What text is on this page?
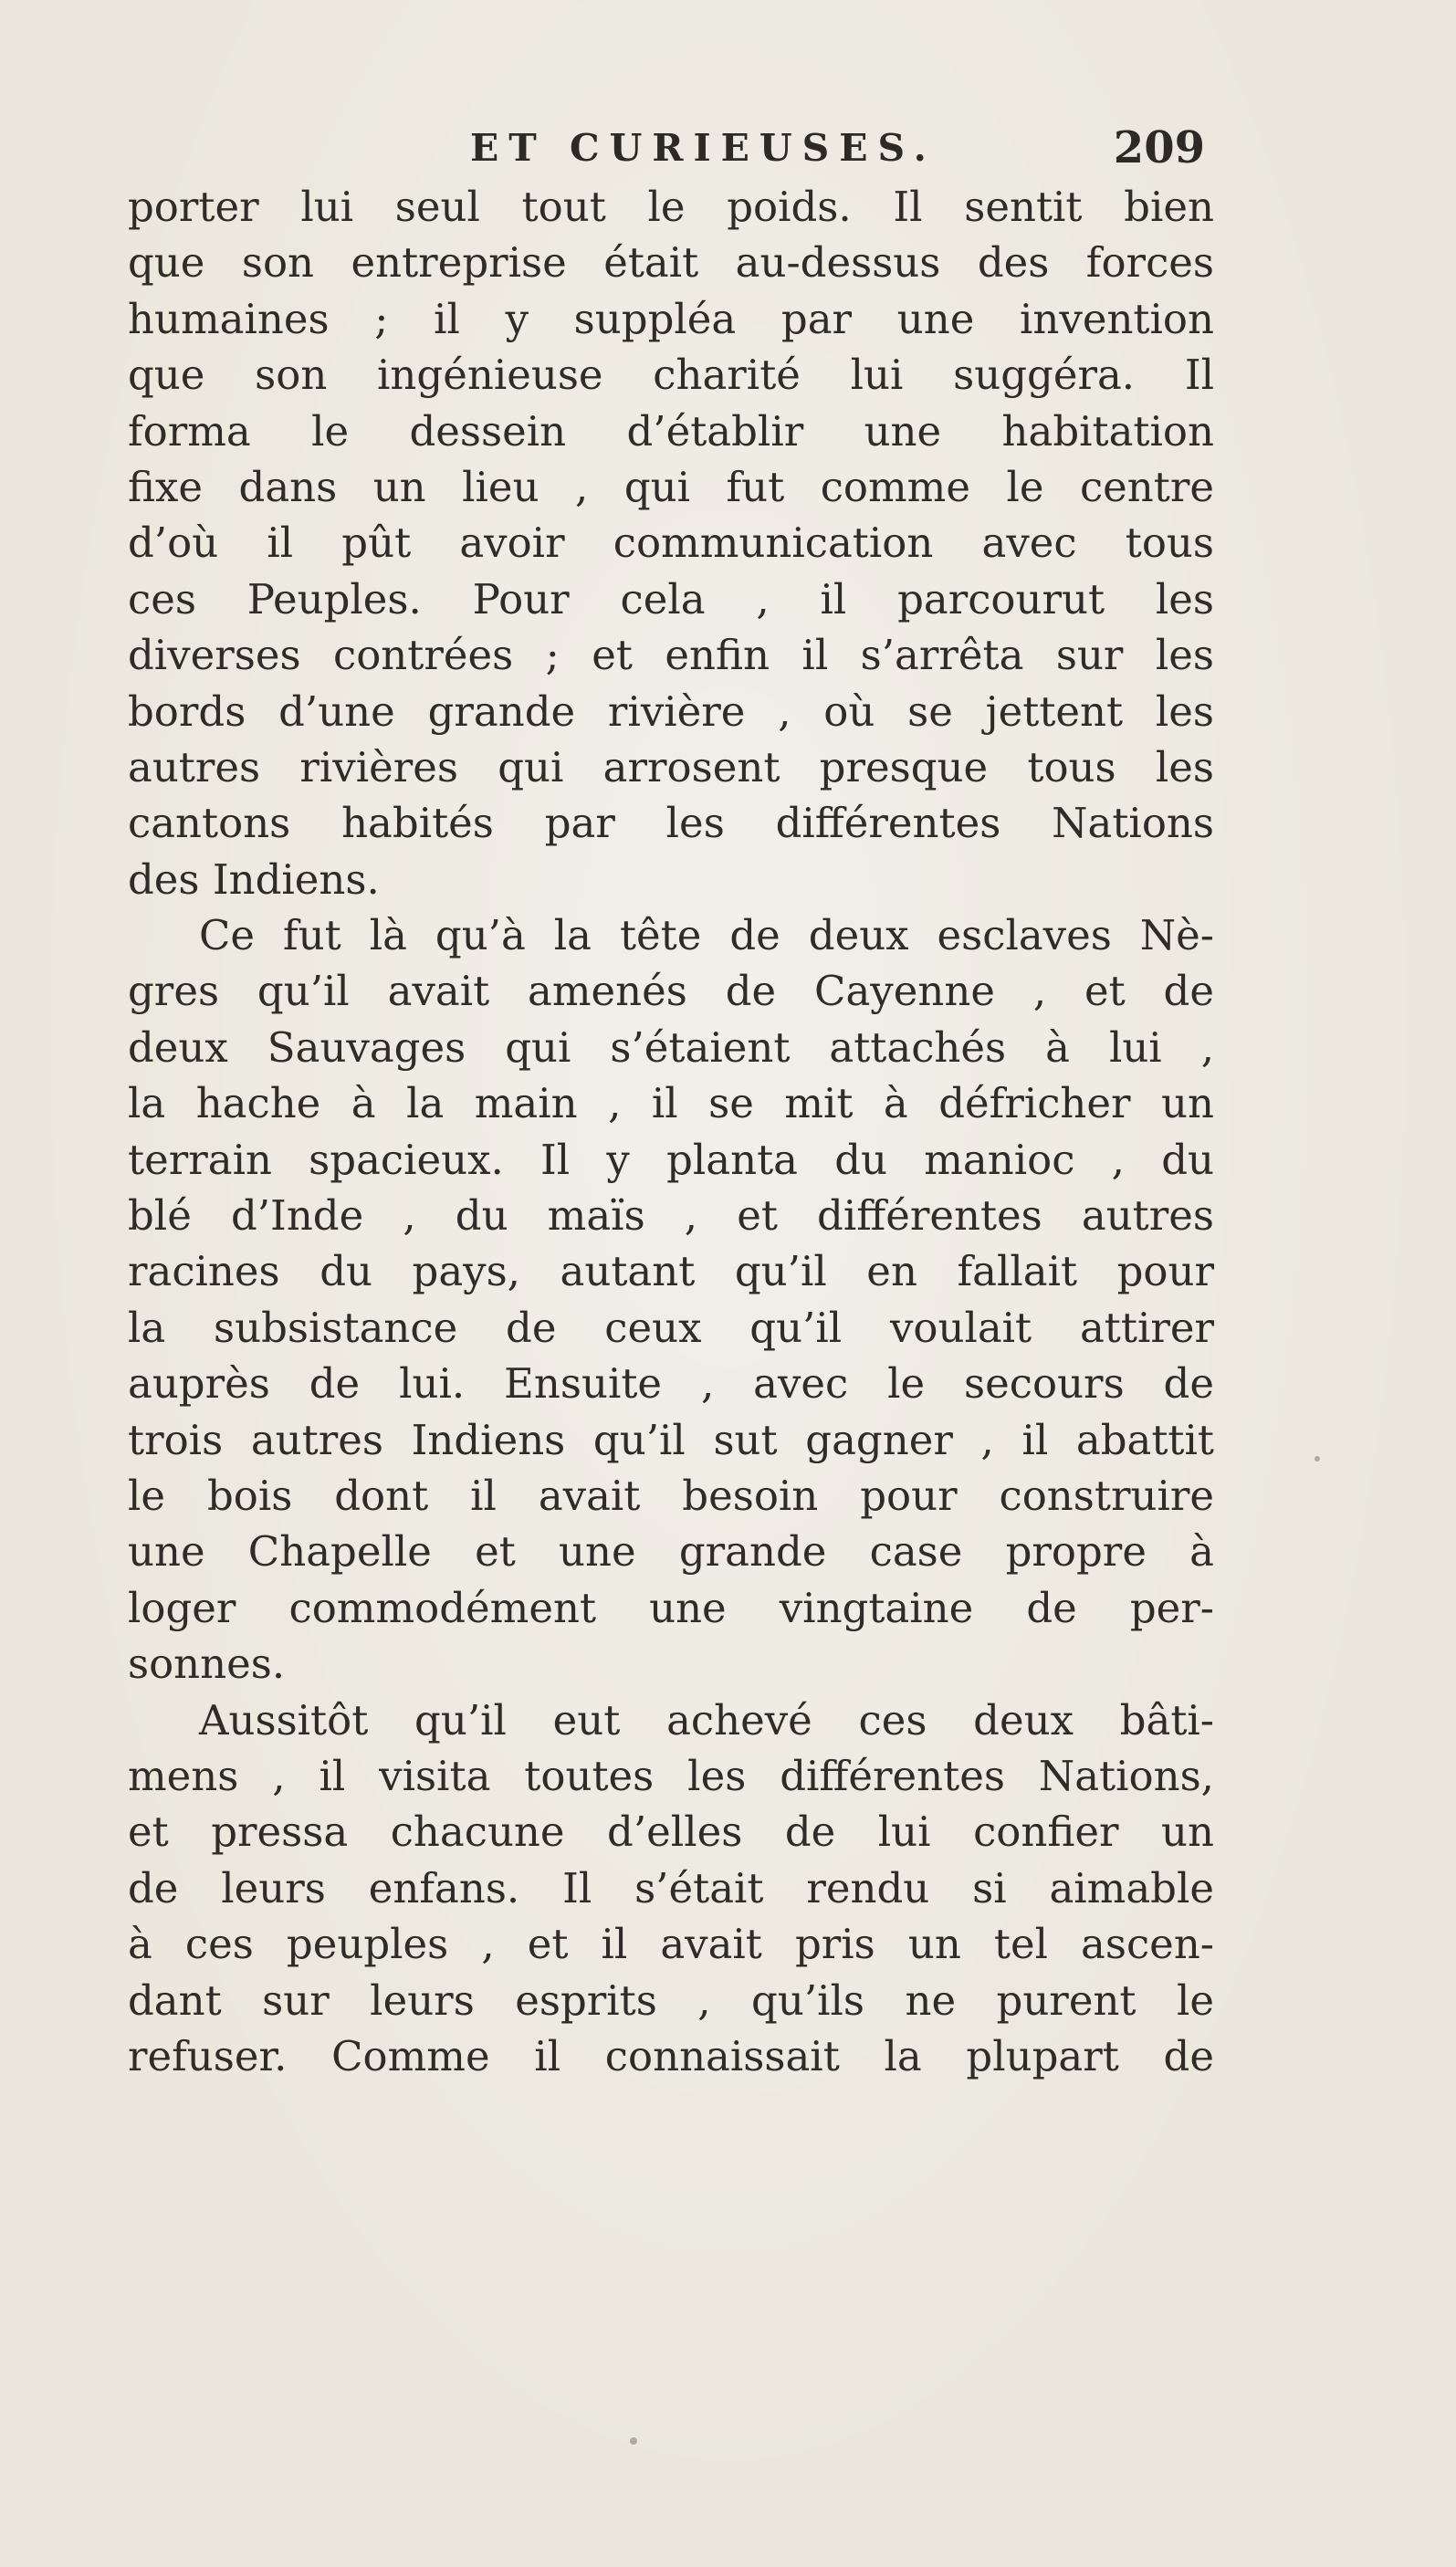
ET CURIEUSES.	209
porter lui seul tout le poids. Il sentit bien
que son entreprise était au-dessus des forces
humaines ; il y suppléa par une invention
que son ingénieuse charité lui suggéra. Il
forma le dessein d’établir une habitation
fixe dans un lieu , qui fut comme le centre
d’où il pût avoir communication avec tous
ces Peuples. Pour cela , il parcourut les
diverses contrées ; et enfin il s’arrêta sur les
bords d’une grande rivière , où se jettent les
autres rivières qui arrosent presque tous les
cantons habités par les différentes Nations
des Indiens.
Ce fut là qu’à la tête de deux esclaves Nè-
gres qu’il avait amenés de Cayenne , et de
deux Sauvages qui s’étaient attachés à lui ,
la hache à la main , il se mit à défricher un
terrain spacieux. Il y planta du manioc , du
blé d’Inde , du maïs , et différentes autres
racines du pays, autant qu’il en fallait pour
la subsistance de ceux qu’il voulait attirer
auprès de lui. Ensuite , avec le secours de
trois autres Indiens qu’il sut gagner , il abattit
le bois dont il avait besoin pour construire
une Chapelle et une grande case propre à
loger commodément une vingtaine de per-
sonnes.
Aussitôt qu’il eut achevé ces deux bâti-
mens , il visita toutes les différentes Nations,
et pressa chacune d’elles de lui confier un
de leurs enfans. Il s’était rendu si aimable
à ces peuples , et il avait pris un tel ascen-
dant sur leurs esprits , qu’ils ne purent le
refuser. Comme il connaissait la plupart de
